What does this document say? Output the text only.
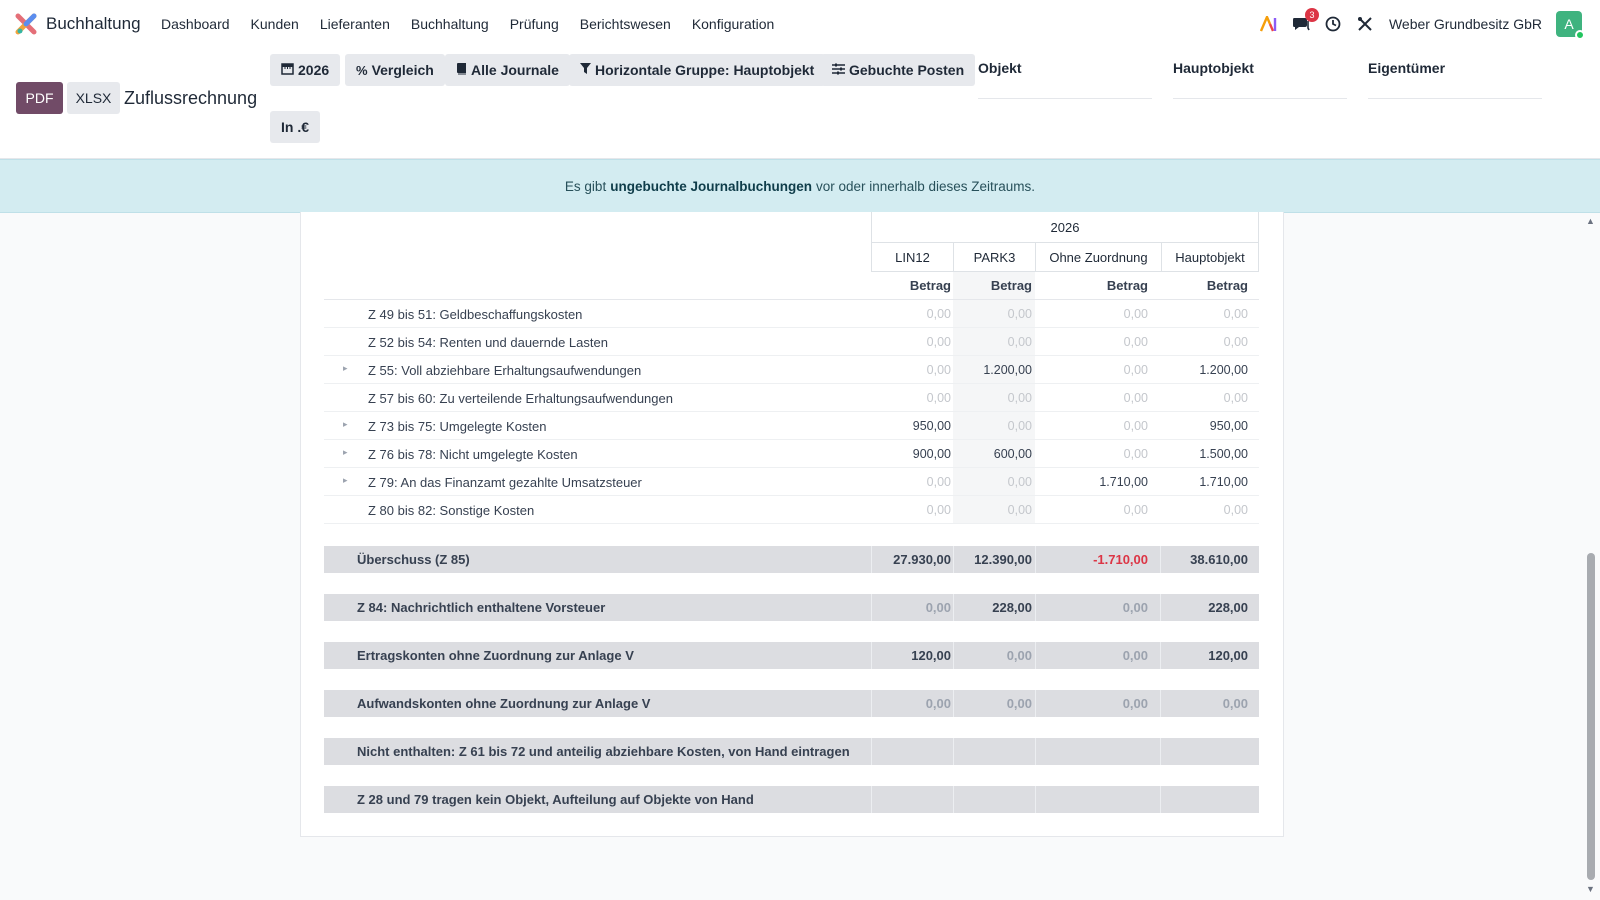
Buchhaltung	Dashboard	Kunden	Lieferanten	Buchhaltung	Prüfung	Berichtswesen	Konfiguration
3
Weber Grundbesitz GbR A
PDF	XLSX Zuflussrechnung
2026 % Vergleich	Alle Journale	Horizontale Gruppe: Hauptobjekt Gebuchte Posten
In .€
Objekt	Hauptobjekt	Eigentümer
Es gibt ungebuchte Journalbuchungen vor oder innerhalb dieses Zeitraums.
2026
LIN12	PARK3	Ohne Zuordnung	Hauptobjekt
Betrag	Betrag	Betrag	Betrag
Z 49 bis 51: Geldbeschaffungskosten	0,00	0,00	0,00	0,00
Z 52 bis 54: Renten und dauernde Lasten	0,00	0,00	0,00	0,00
▸ Z 55: Voll abziehbare Erhaltungsaufwendungen	0,00	1.200,00	0,00	1.200,00
Z 57 bis 60: Zu verteilende Erhaltungsaufwendungen	0,00	0,00	0,00	0,00
▸ Z 73 bis 75: Umgelegte Kosten	950,00	0,00	0,00	950,00
▸ Z 76 bis 78: Nicht umgelegte Kosten	900,00	600,00	0,00	1.500,00
▸ Z 79: An das Finanzamt gezahlte Umsatzsteuer	0,00	0,00	1.710,00	1.710,00
Z 80 bis 82: Sonstige Kosten	0,00	0,00	0,00	0,00
Überschuss (Z 85)	27.930,00	12.390,00	-1.710,00	38.610,00
Z 84: Nachrichtlich enthaltene Vorsteuer	0,00	228,00	0,00	228,00
Ertragskonten ohne Zuordnung zur Anlage V	120,00	0,00	0,00	120,00
Aufwandskonten ohne Zuordnung zur Anlage V	0,00	0,00	0,00	0,00
Nicht enthalten: Z 61 bis 72 und anteilig abziehbare Kosten, von Hand eintragen
Z 28 und 79 tragen kein Objekt, Aufteilung auf Objekte von Hand
▲
▼
